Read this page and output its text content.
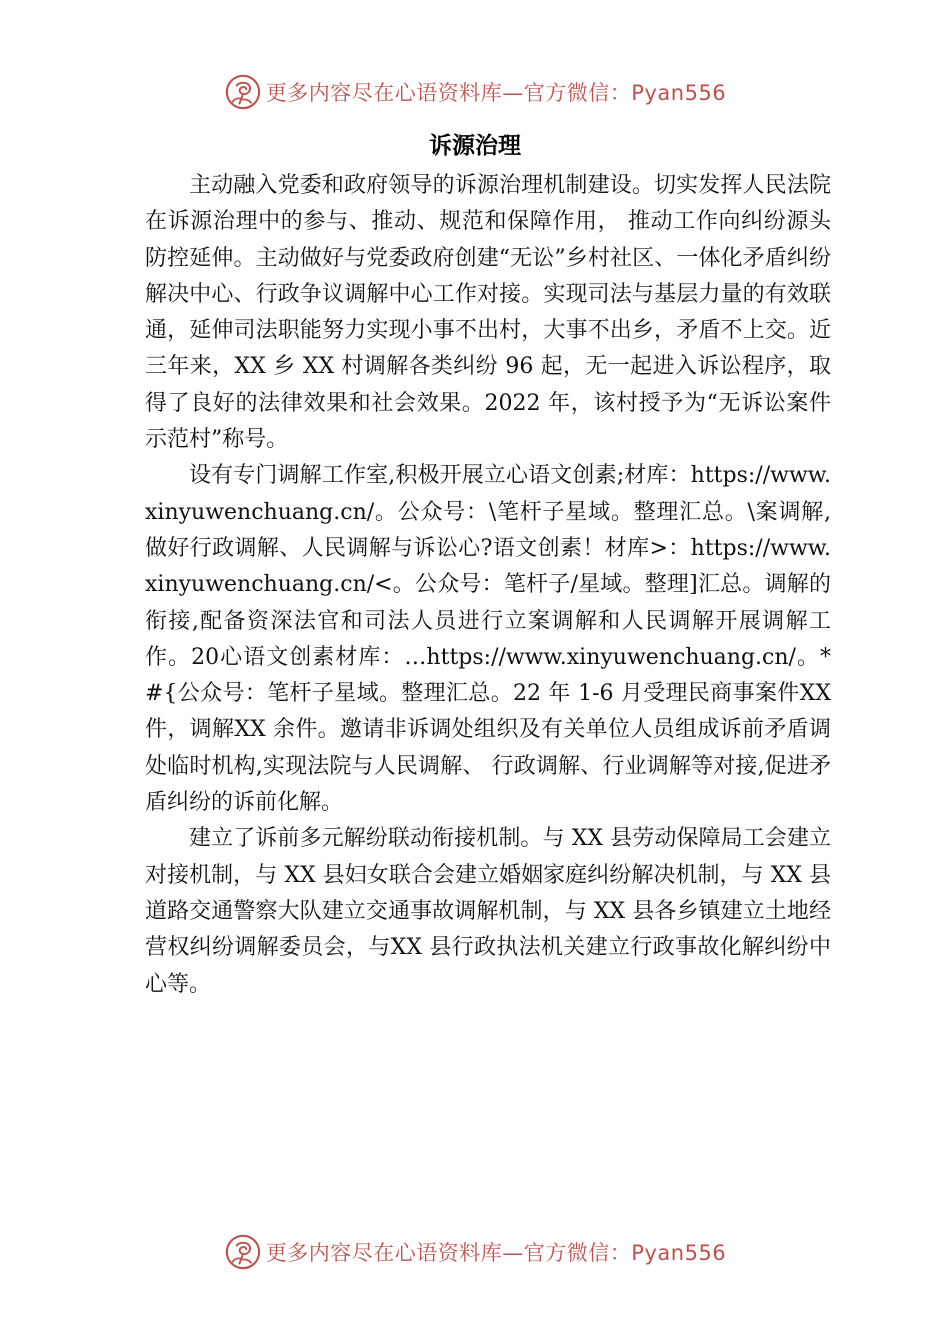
更多内容尽在心语资料库—官方微信：Pyan556
诉源治理

主动融入党委和政府领导的诉源治理机制建设。切实发挥人民法院在诉源治理中的参与、推动、规范和保障作用， 推动工作向纠纷源头防控延伸。主动做好与党委政府创建“无讼”乡村社区、一体化矛盾纠纷解决中心、行政争议调解中心工作对接。实现司法与基层力量的有效联通，延伸司法职能努力实现小事不出村，大事不出乡，矛盾不上交。近三年来，XX 乡 XX 村调解各类纠纷 96 起，无一起进入诉讼程序，取得了良好的法律效果和社会效果。2022 年，该村授予为“无诉讼案件示范村”称号。

设有专门调解工作室,积极开展立心语文创素;材库：https://www.xinyuwenchuang.cn/。公众号：\笔杆子星域。整理汇总。\案调解,做好行政调解、人民调解与诉讼心?语文创素！材库>：https://www.xinyuwenchuang.cn/<。公众号：笔杆子/星域。整理]汇总。调解的衔接,配备资深法官和司法人员进行立案调解和人民调解开展调解工作。20心语文创素材库：…https://www.xinyuwenchuang.cn/。*#{公众号：笔杆子星域。整理汇总。22 年 1-6 月受理民商事案件XX 件，调解XX 余件。邀请非诉调处组织及有关单位人员组成诉前矛盾调处临时机构,实现法院与人民调解、 行政调解、行业调解等对接,促进矛盾纠纷的诉前化解。

建立了诉前多元解纷联动衔接机制。与 XX 县劳动保障局工会建立对接机制，与 XX 县妇女联合会建立婚姻家庭纠纷解决机制，与 XX 县道路交通警察大队建立交通事故调解机制，与 XX 县各乡镇建立土地经营权纠纷调解委员会，与XX 县行政执法机关建立行政事故化解纠纷中心等。

更多内容尽在心语资料库—官方微信：Pyan556
